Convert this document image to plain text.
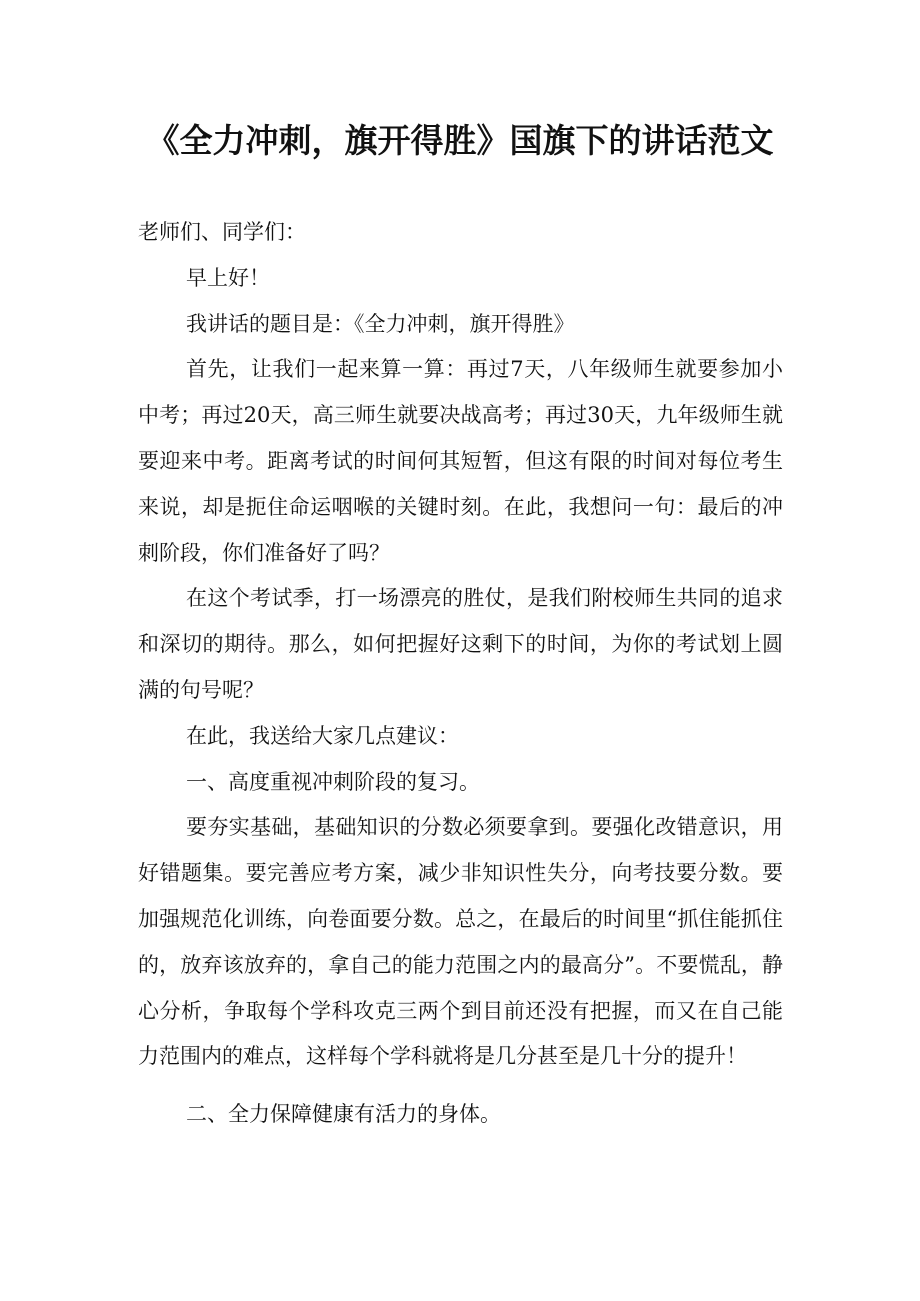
《全力冲刺，旗开得胜》国旗下的讲话范文

老师们、同学们：

早上好！

我讲话的题目是：《全力冲刺，旗开得胜》

首先，让我们一起来算一算：再过7天，八年级师生就要参加小中考；再过20天，高三师生就要决战高考；再过30天，九年级师生就要迎来中考。距离考试的时间何其短暂，但这有限的时间对每位考生来说，却是扼住命运咽喉的关键时刻。在此，我想问一句：最后的冲刺阶段，你们准备好了吗？

在这个考试季，打一场漂亮的胜仗，是我们附校师生共同的追求和深切的期待。那么，如何把握好这剩下的时间，为你的考试划上圆满的句号呢？

在此，我送给大家几点建议：

一、高度重视冲刺阶段的复习。

要夯实基础，基础知识的分数必须要拿到。要强化改错意识，用好错题集。要完善应考方案，减少非知识性失分，向考技要分数。要加强规范化训练，向卷面要分数。总之，在最后的时间里“抓住能抓住的，放弃该放弃的，拿自己的能力范围之内的最高分”。不要慌乱，静心分析，争取每个学科攻克三两个到目前还没有把握，而又在自己能力范围内的难点，这样每个学科就将是几分甚至是几十分的提升！

二、全力保障健康有活力的身体。
